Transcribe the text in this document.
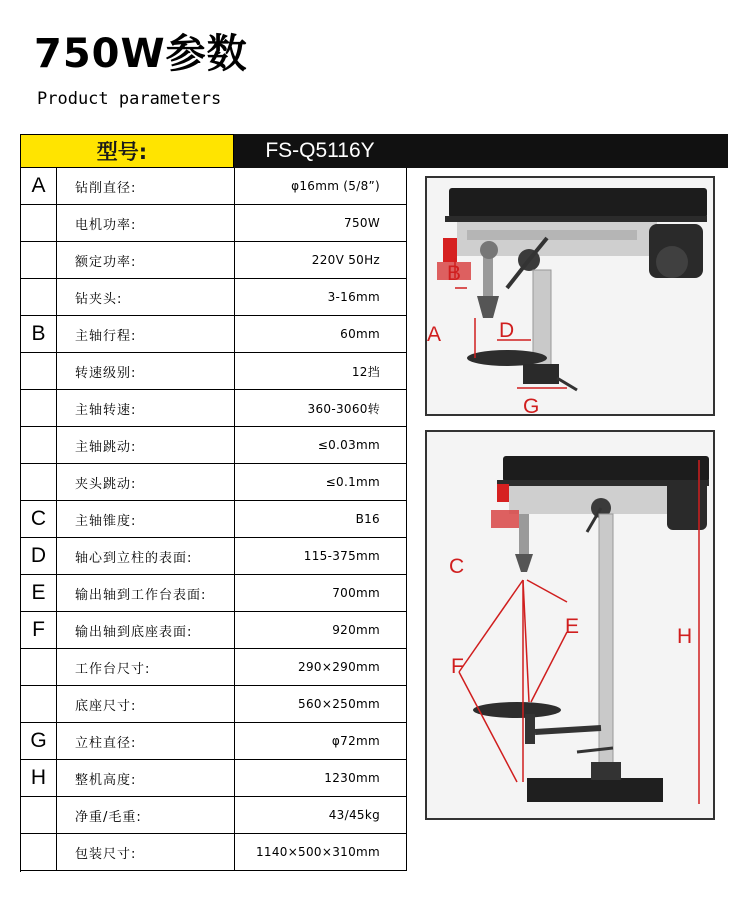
750W参数
Product parameters
型号:	FS-Q5116Y
A	钻削直径:	φ16mm (5/8”)
电机功率:	750W
额定功率:	220V 50Hz
钻夹头:	3-16mm
B	主轴行程:	60mm
转速级别:	12挡
主轴转速:	360-3060转
主轴跳动:	≤0.03mm
夹头跳动:	≤0.1mm
C	主轴锥度:	B16
D	轴心到立柱的表面:	115-375mm
E	输出轴到工作台表面:	700mm
F	输出轴到底座表面:	920mm
工作台尺寸:	290×290mm
底座尺寸:	560×250mm
G	立柱直径:	φ72mm
H	整机高度:	1230mm
净重/毛重:	43/45kg
包装尺寸:	1140×500×310mm
B
A	D
G
C
E	H
F
